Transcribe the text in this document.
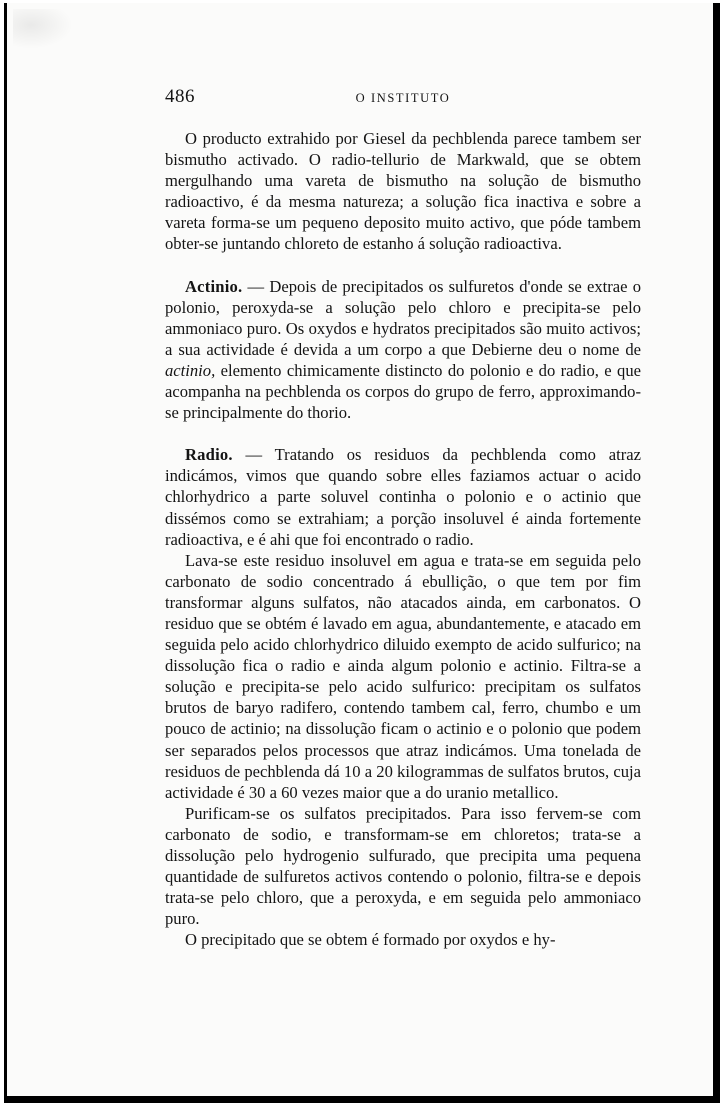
486	O INSTITUTO

O producto extrahido por Giesel da pechblenda parece tambem ser bismutho activado. O radio-tellurio de Markwald, que se obtem mergulhando uma vareta de bismutho na solução de bismutho radioactivo, é da mesma natureza; a solução fica inactiva e sobre a vareta forma-se um pequeno deposito muito activo, que póde tambem obter-se juntando chloreto de estanho á solução radioactiva.

Actinio. — Depois de precipitados os sulfuretos d'onde se extrae o polonio, peroxyda-se a solução pelo chloro e precipita-se pelo ammoniaco puro. Os oxydos e hydratos precipitados são muito activos; a sua actividade é devida a um corpo a que Debierne deu o nome de actinio, elemento chimicamente distincto do polonio e do radio, e que acompanha na pechblenda os corpos do grupo de ferro, approximando-se principalmente do thorio.

Radio. — Tratando os residuos da pechblenda como atraz indicámos, vimos que quando sobre elles faziamos actuar o acido chlorhydrico a parte soluvel continha o polonio e o actinio que dissémos como se extrahiam; a porção insoluvel é ainda fortemente radioactiva, e é ahi que foi encontrado o radio.

Lava-se este residuo insoluvel em agua e trata-se em seguida pelo carbonato de sodio concentrado á ebullição, o que tem por fim transformar alguns sulfatos, não atacados ainda, em carbonatos. O residuo que se obtém é lavado em agua, abundantemente, e atacado em seguida pelo acido chlorhydrico diluido exempto de acido sulfurico; na dissolução fica o radio e ainda algum polonio e actinio. Filtra-se a solução e precipita-se pelo acido sulfurico: precipitam os sulfatos brutos de baryo radifero, contendo tambem cal, ferro, chumbo e um pouco de actinio; na dissolução ficam o actinio e o polonio que podem ser separados pelos processos que atraz indicámos. Uma tonelada de residuos de pechblenda dá 10 a 20 kilogrammas de sulfatos brutos, cuja actividade é 30 a 60 vezes maior que a do uranio metallico.

Purificam-se os sulfatos precipitados. Para isso fervem-se com carbonato de sodio, e transformam-se em chloretos; trata-se a dissolução pelo hydrogenio sulfurado, que precipita uma pequena quantidade de sulfuretos activos contendo o polonio, filtra-se e depois trata-se pelo chloro, que a peroxyda, e em seguida pelo ammoniaco puro.

O precipitado que se obtem é formado por oxydos e hy-
